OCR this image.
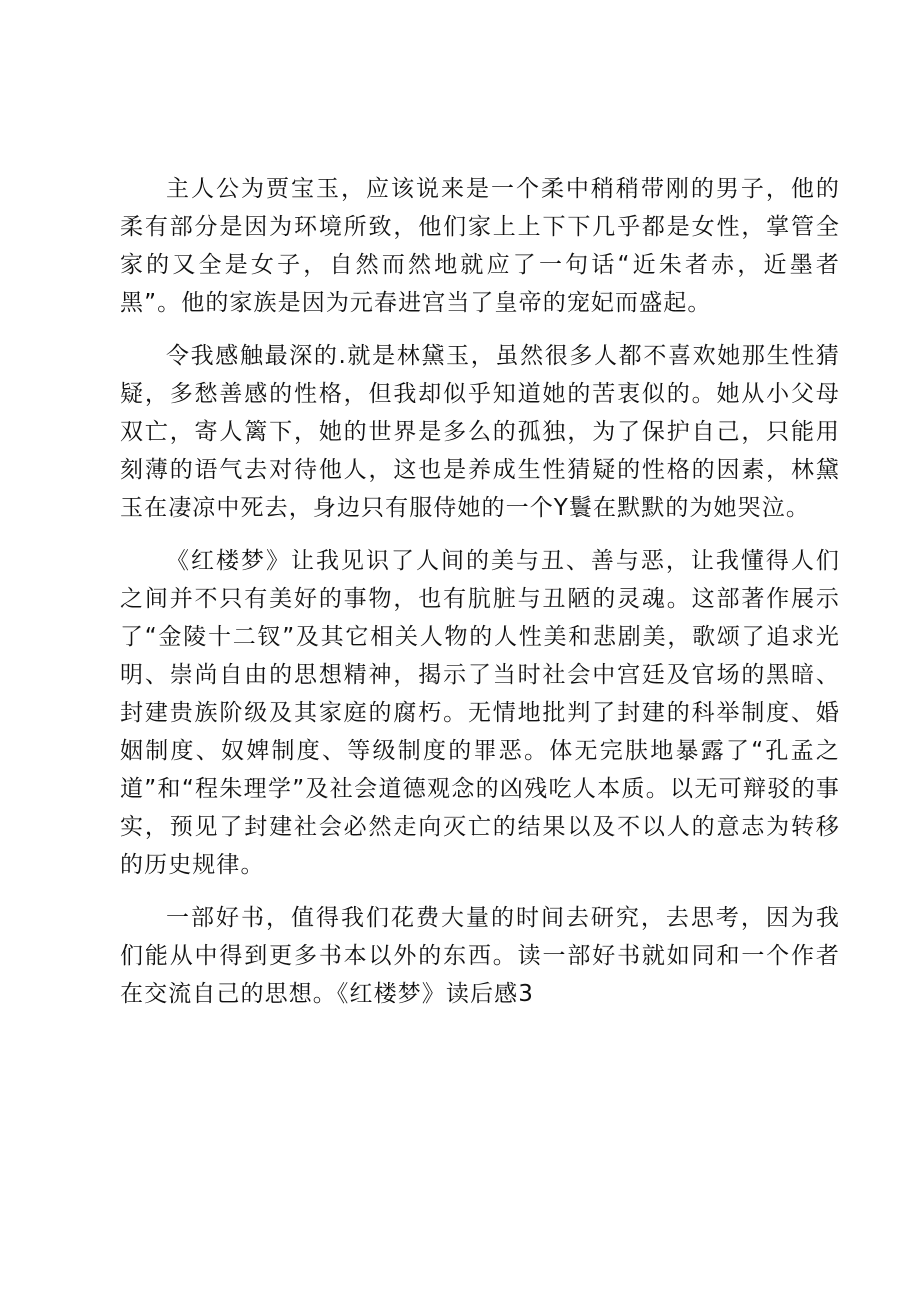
主人公为贾宝玉，应该说来是一个柔中稍稍带刚的男子，他的柔有部分是因为环境所致，他们家上上下下几乎都是女性，掌管全家的又全是女子，自然而然地就应了一句话“近朱者赤，近墨者黑”。他的家族是因为元春进宫当了皇帝的宠妃而盛起。

令我感触最深的.就是林黛玉，虽然很多人都不喜欢她那生性猜疑，多愁善感的性格，但我却似乎知道她的苦衷似的。她从小父母双亡，寄人篱下，她的世界是多么的孤独，为了保护自己，只能用刻薄的语气去对待他人，这也是养成生性猜疑的性格的因素，林黛玉在凄凉中死去，身边只有服侍她的一个Y鬟在默默的为她哭泣。

《红楼梦》让我见识了人间的美与丑、善与恶，让我懂得人们之间并不只有美好的事物，也有肮脏与丑陋的灵魂。这部著作展示了“金陵十二钗”及其它相关人物的人性美和悲剧美，歌颂了追求光明、崇尚自由的思想精神，揭示了当时社会中宫廷及官场的黑暗、封建贵族阶级及其家庭的腐朽。无情地批判了封建的科举制度、婚姻制度、奴婢制度、等级制度的罪恶。体无完肤地暴露了“孔孟之道”和“程朱理学”及社会道德观念的凶残吃人本质。以无可辩驳的事实，预见了封建社会必然走向灭亡的结果以及不以人的意志为转移的历史规律。

一部好书，值得我们花费大量的时间去研究，去思考，因为我们能从中得到更多书本以外的东西。读一部好书就如同和一个作者在交流自己的思想。《红楼梦》读后感3
